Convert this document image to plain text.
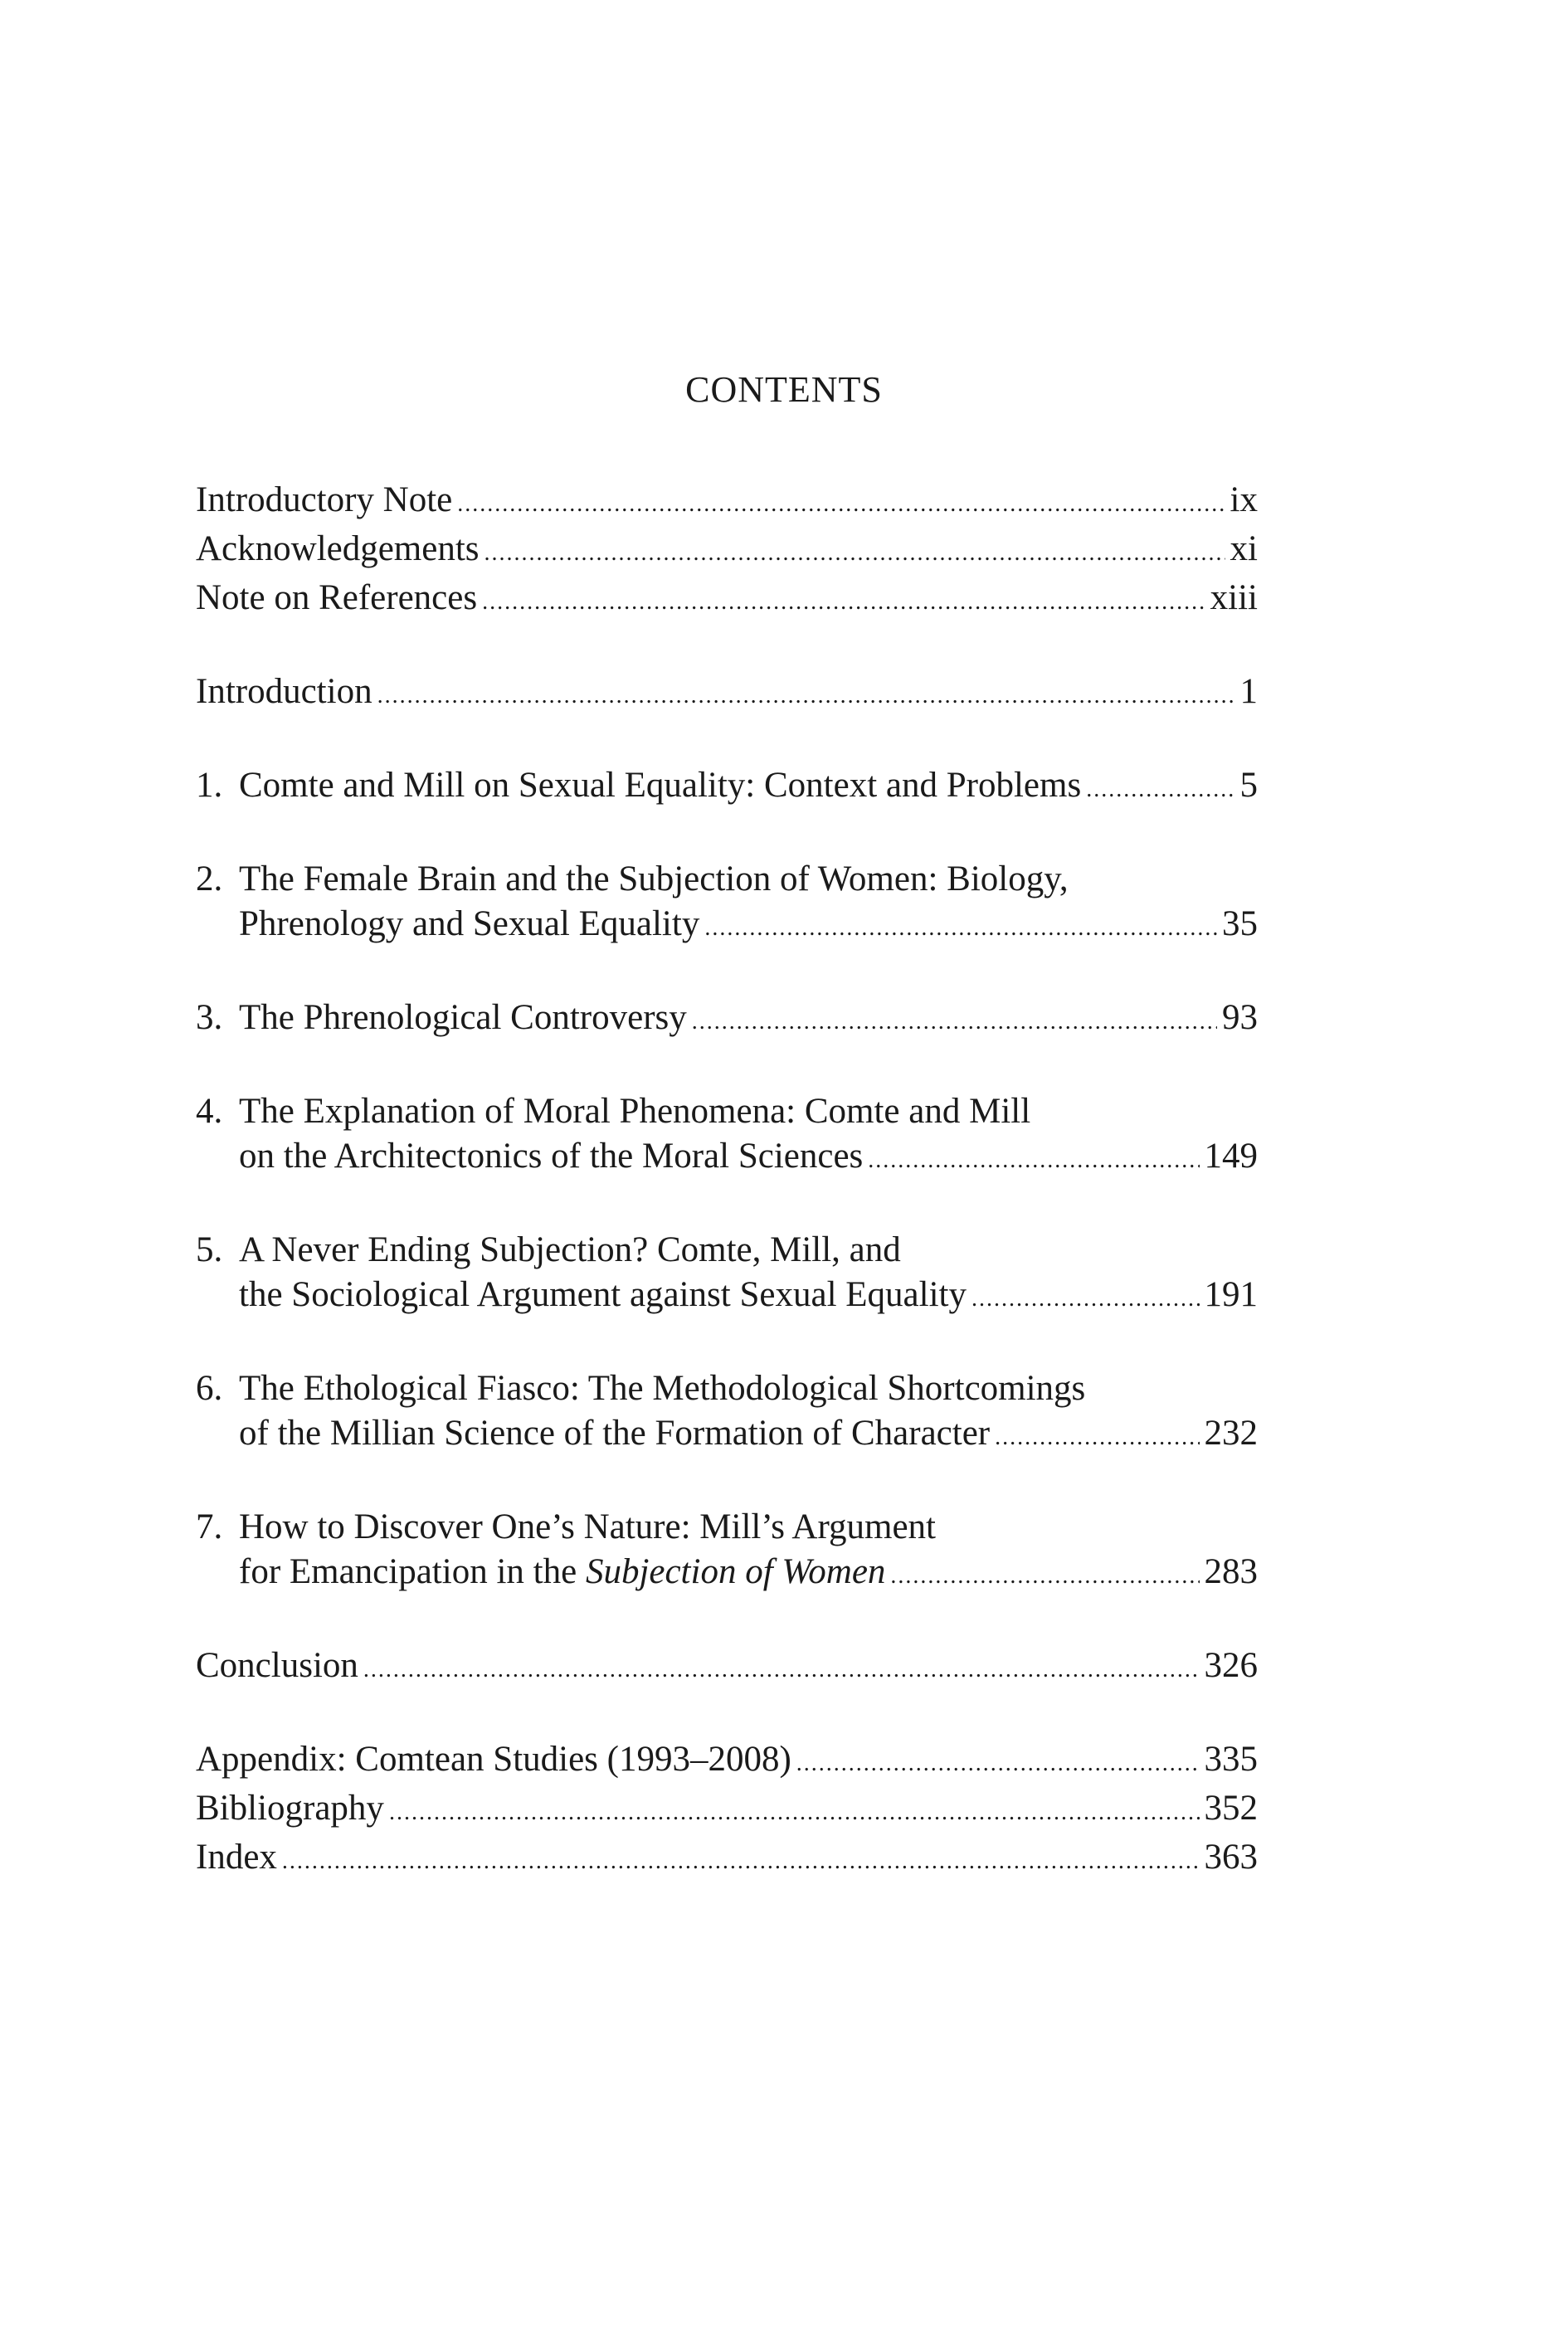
CONTENTS
Introductory Note .....	ix
Acknowledgements .....	xi
Note on References .....	xiii
Introduction .....	1
1. Comte and Mill on Sexual Equality: Context and Problems .....	5
2. The Female Brain and the Subjection of Women: Biology,
Phrenology and Sexual Equality .....	35
3. The Phrenological Controversy .....	93
4. The Explanation of Moral Phenomena: Comte and Mill
on the Architectonics of the Moral Sciences .....	149
5. A Never Ending Subjection? Comte, Mill, and
the Sociological Argument against Sexual Equality .....	191
6. The Ethological Fiasco: The Methodological Shortcomings
of the Millian Science of the Formation of Character .....	232
7. How to Discover One’s Nature: Mill’s Argument
for Emancipation in the Subjection of Women .....	283
Conclusion .....	326
Appendix: Comtean Studies (1993–2008) .....	335
Bibliography .....	352
Index .....	363
